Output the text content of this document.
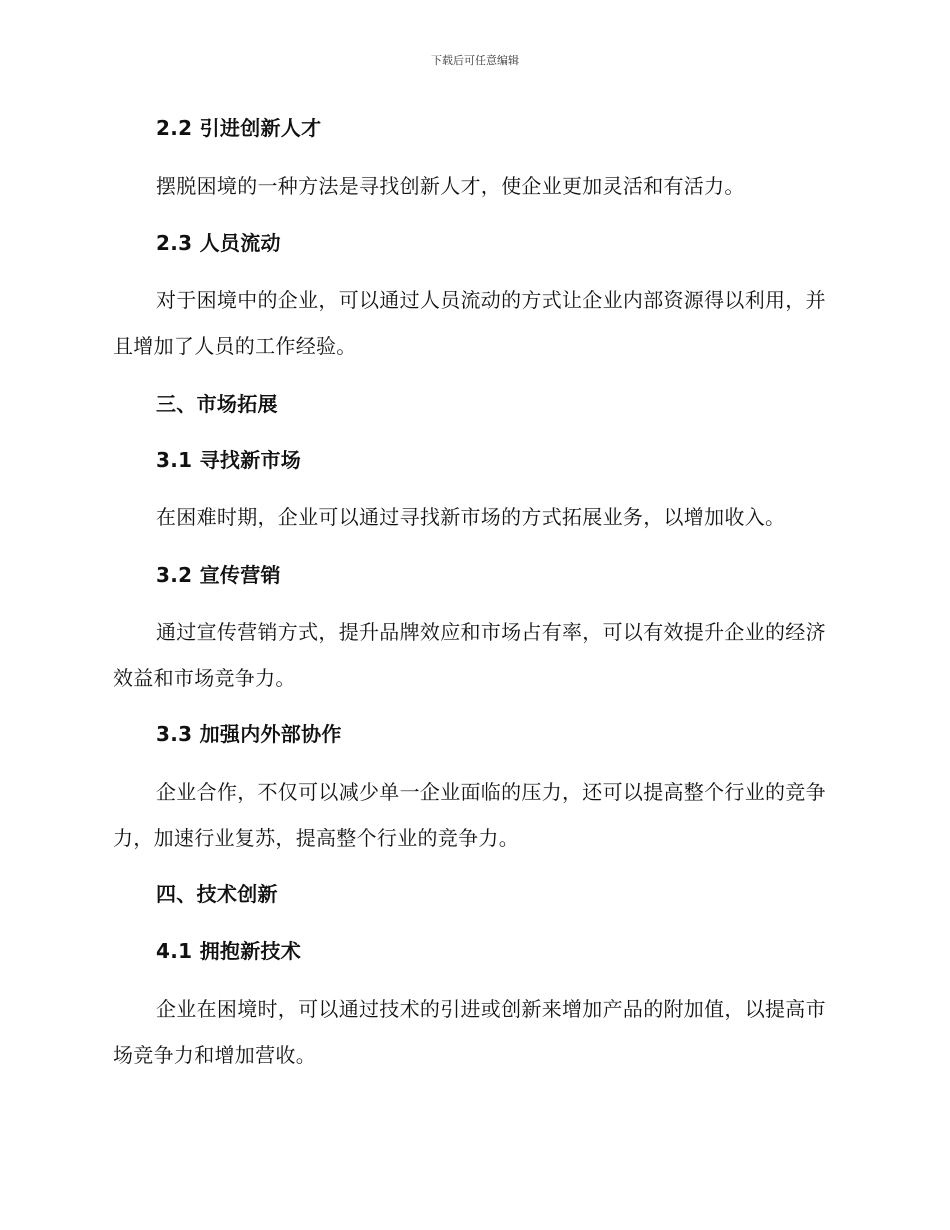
下载后可任意编辑
2.2 引进创新人才

摆脱困境的一种方法是寻找创新人才，使企业更加灵活和有活力。

2.3 人员流动

对于困境中的企业，可以通过人员流动的方式让企业内部资源得以利用，并且增加了人员的工作经验。

三、市场拓展
3.1 寻找新市场

在困难时期，企业可以通过寻找新市场的方式拓展业务，以增加收入。

3.2 宣传营销

通过宣传营销方式，提升品牌效应和市场占有率，可以有效提升企业的经济效益和市场竞争力。

3.3 加强内外部协作

企业合作，不仅可以减少单一企业面临的压力，还可以提高整个行业的竞争力，加速行业复苏，提高整个行业的竞争力。

四、技术创新
4.1 拥抱新技术

企业在困境时，可以通过技术的引进或创新来增加产品的附加值，以提高市场竞争力和增加营收。
